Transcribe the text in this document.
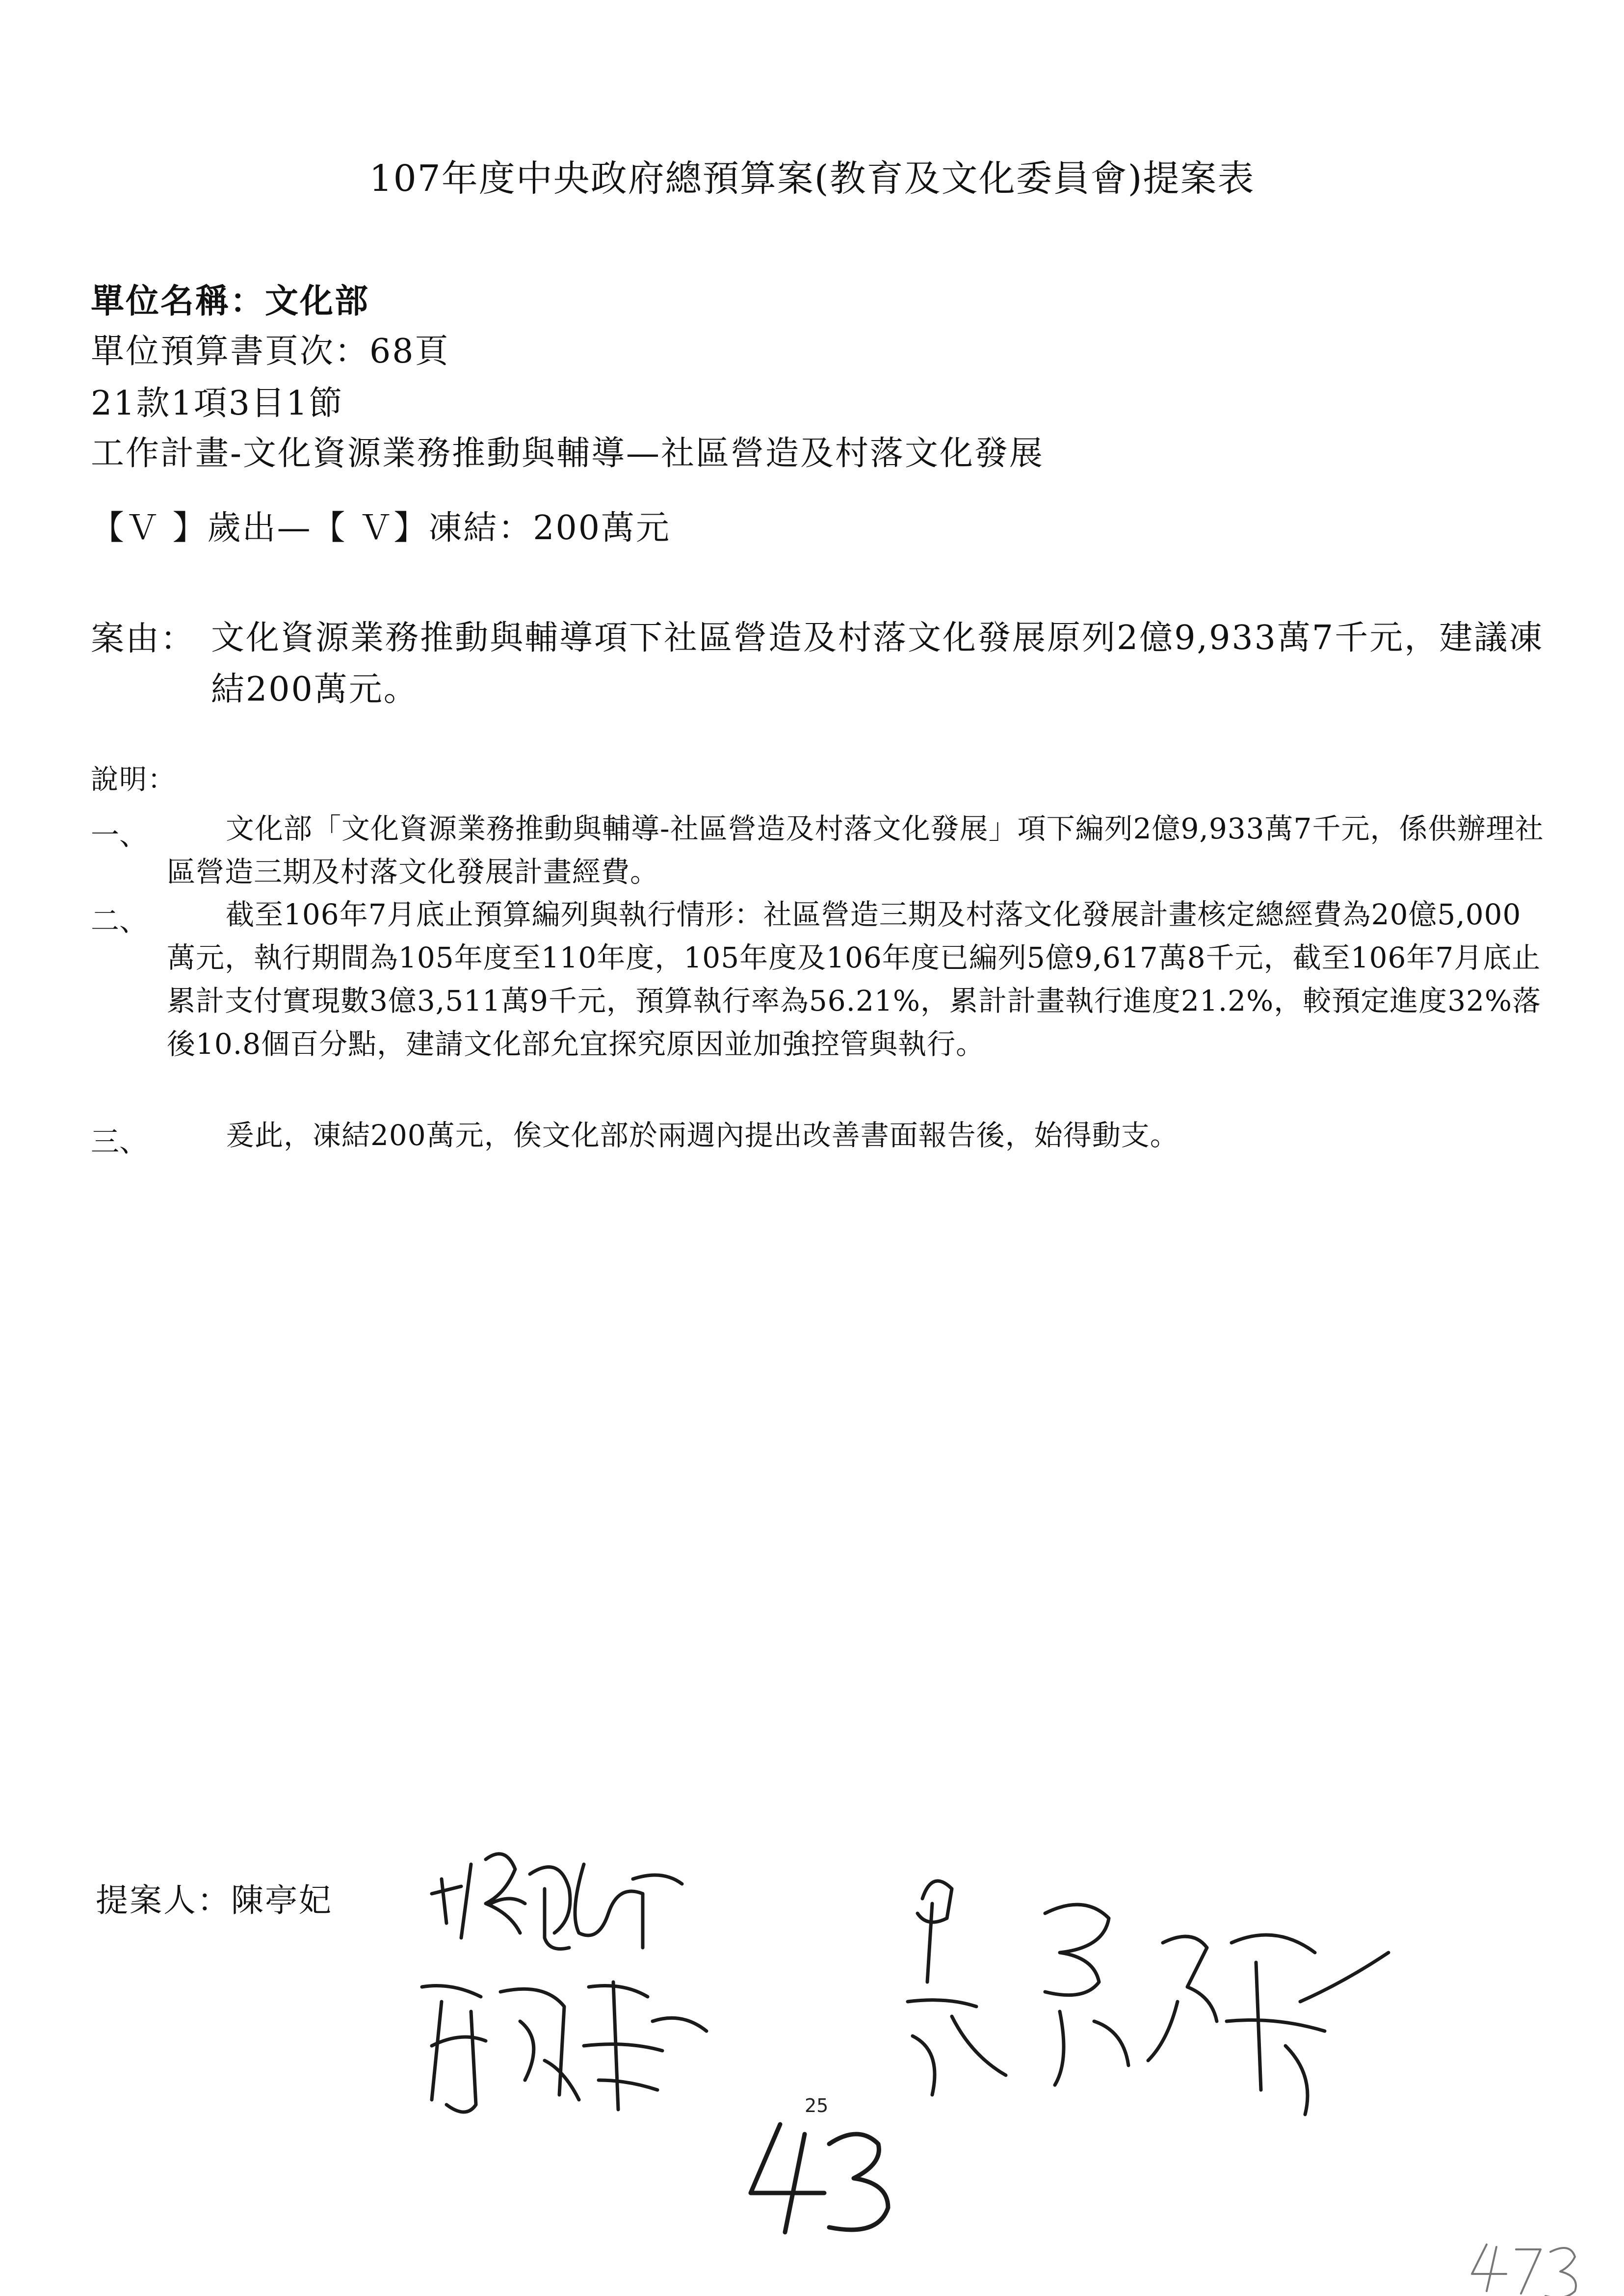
107年度中央政府總預算案(教育及文化委員會)提案表
單位名稱：文化部
單位預算書頁次：68頁
21款1項3目1節
工作計畫-文化資源業務推動與輔導—社區營造及村落文化發展
【Ｖ 】歲出—【 Ｖ】凍結：200萬元
案由： 文化資源業務推動與輔導項下社區營造及村落文化發展原列2億9,933萬7千元，建議凍結200萬元。
說明：
一、	文化部「文化資源業務推動與輔導-社區營造及村落文化發展」項下編列2億9,933萬7千元，係供辦理社區營造三期及村落文化發展計畫經費。
二、	截至106年7月底止預算編列與執行情形：社區營造三期及村落文化發展計畫核定總經費為20億5,000萬元，執行期間為105年度至110年度，105年度及106年度已編列5億9,617萬8千元，截至106年7月底止累計支付實現數3億3,511萬9千元，預算執行率為56.21%，累計計畫執行進度21.2%，較預定進度32%落後10.8個百分點，建請文化部允宜探究原因並加強控管與執行。
三、	爰此，凍結200萬元，俟文化部於兩週內提出改善書面報告後，始得動支。
提案人：陳亭妃
25
